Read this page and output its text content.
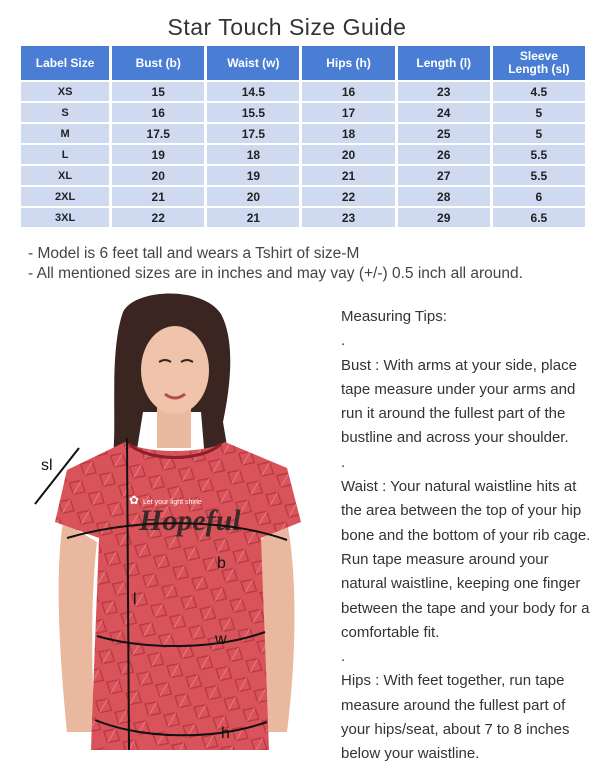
Star Touch Size Guide
Label Size	Bust (b)	Waist (w)	Hips (h)	Length (l)	Sleeve
Length (sl)
XS	15	14.5	16	23	4.5
S	16	15.5	17	24	5
M	17.5	17.5	18	25	5
L	19	18	20	26	5.5
XL	20	19	21	27	5.5
2XL	21	20	22	28	6
3XL	22	21	23	29	6.5
- Model is 6 feet tall and wears a Tshirt of size-M
- All mentioned sizes are in inches and may vay (+/-) 0.5 inch all around.
Let your light shine
Hopeful
✿
sl
b
l
w
h

Measuring Tips:

.

Bust : With arms at your side, place tape measure under your arms and run it around the fullest part of the bustline and across your shoulder.

.

Waist : Your natural waistline hits at the area between the top of your hip bone and the bottom of your rib cage. Run tape measure around your natural waistline, keeping one finger between the tape and your body for a comfortable fit.

.

Hips : With feet together, run tape measure around the fullest part of your hips/seat, about 7 to 8 inches below your waistline.
